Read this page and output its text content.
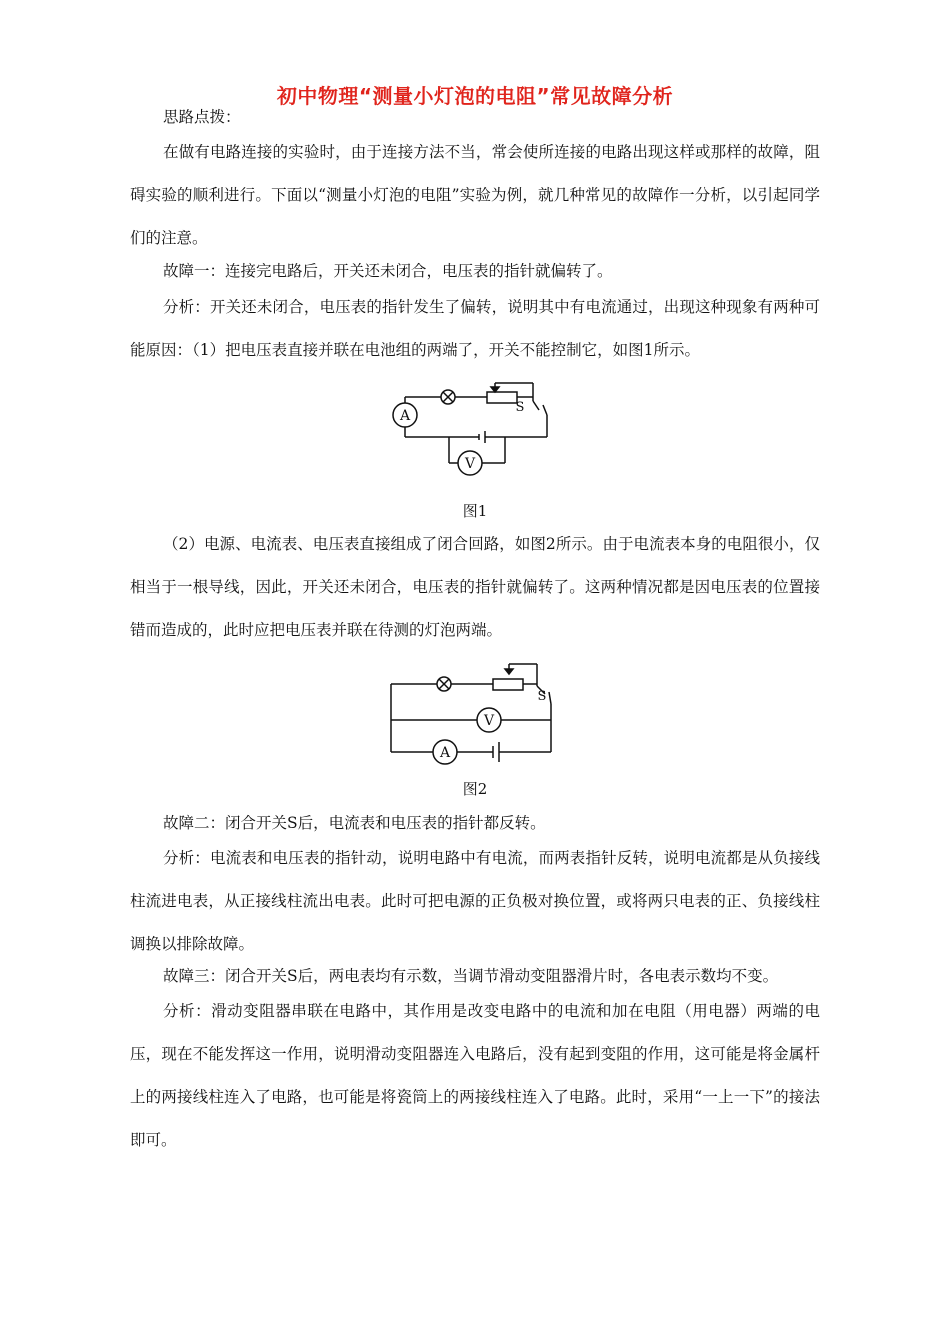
初中物理“测量小灯泡的电阻”常见故障分析

思路点拨：

在做有电路连接的实验时，由于连接方法不当，常会使所连接的电路出现这样或那样的故障，阻碍实验的顺利进行。下面以“测量小灯泡的电阻”实验为例，就几种常见的故障作一分析，以引起同学们的注意。

故障一：连接完电路后，开关还未闭合，电压表的指针就偏转了。

分析：开关还未闭合，电压表的指针发生了偏转，说明其中有电流通过，出现这种现象有两种可能原因：（1）把电压表直接并联在电池组的两端了，开关不能控制它，如图1所示。

A
V
S
图1

（2）电源、电流表、电压表直接组成了闭合回路，如图2所示。由于电流表本身的电阻很小，仅相当于一根导线，因此，开关还未闭合，电压表的指针就偏转了。这两种情况都是因电压表的位置接错而造成的，此时应把电压表并联在待测的灯泡两端。

V
A
S
图2

故障二：闭合开关S后，电流表和电压表的指针都反转。

分析：电流表和电压表的指针动，说明电路中有电流，而两表指针反转，说明电流都是从负接线柱流进电表，从正接线柱流出电表。此时可把电源的正负极对换位置，或将两只电表的正、负接线柱调换以排除故障。

故障三：闭合开关S后，两电表均有示数，当调节滑动变阻器滑片时，各电表示数均不变。

分析：滑动变阻器串联在电路中，其作用是改变电路中的电流和加在电阻（用电器）两端的电压，现在不能发挥这一作用，说明滑动变阻器连入电路后，没有起到变阻的作用，这可能是将金属杆上的两接线柱连入了电路，也可能是将瓷筒上的两接线柱连入了电路。此时，采用“一上一下”的接法即可。
